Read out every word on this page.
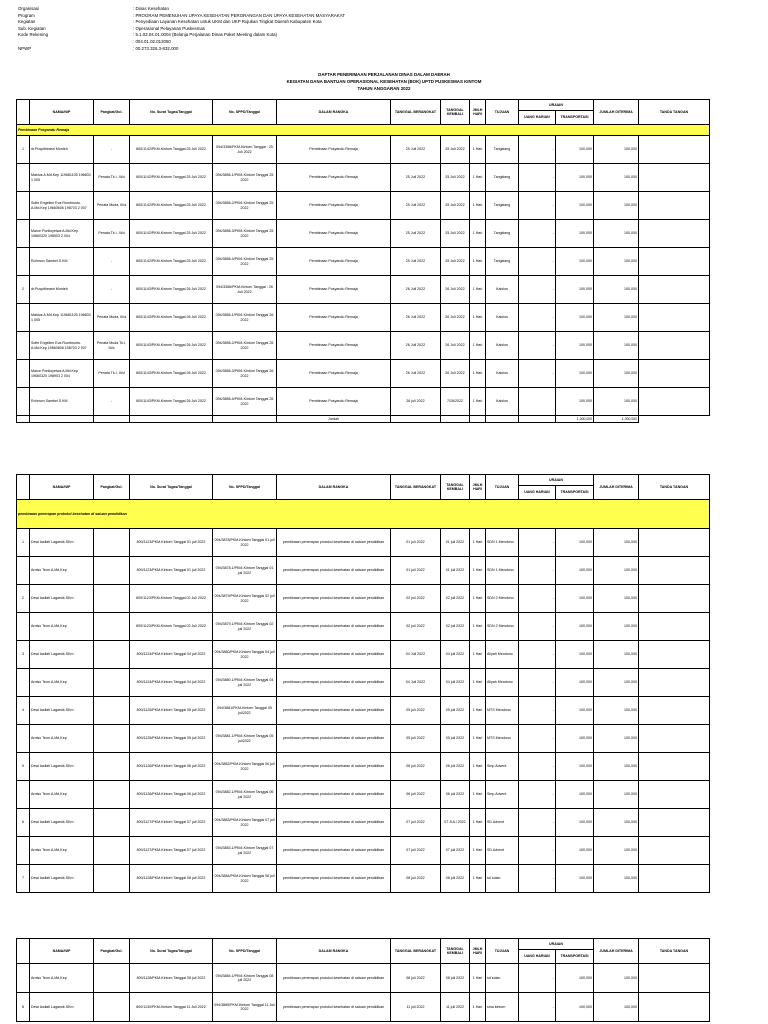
Organisasi	: Dinas Kesehatan
Program	: PROGRAM PEMENUHAN UPAYA KESEHATAN PERORANGAN DAN UPAYA KESEHATAN MASYARAKAT
Kegiatan	: Penyediaan Layanan Kesehatan untuk UKM dan UKP Rujukan Tingkat Daerah Kabupaten Kota
Sub. Kegiatan	: Operasional Pelayanan Puskesmas
Kode Rekening	: 5.1.02.04.01.0004 (Belanja Perjalanan Dinas Paket Meeting dalam Kota)
: 004.01.02.012050
NPWP	: 00.273.326.3-832.000
DAFTAR PENERIMAAN PERJALANAN DINAS DALAM DAERAH
KEGIATAN DANA BANTUAN OPERASIONAL KESEHATAN (BOK) UPTD PUSKESMAS KINTOM
TAHUN ANGGARAN 2022
	NAMA/NIP	Pangkat/Gol.	No. Surat Tugas/Tanggal	No. SPPD/Tanggal	DALAM RANGKA	TANGGAL BERANGKAT	TANGGAL KEMBALI	JMLH HARI	TUJUAN	URAIAN		JUMLAH DITERIMA	TANDA TANGAN
										UANG HARIAN	TRANSPORTASI		
Pembinaan Posyandu Remaja													
1	dr.Puspitheasri Monteh	-	800/1142/PKM-Kintom Tanggal 25 Juli 2022	094/3366/PKM-Kintom Tanggal : 25 Juli 2022	Pembinaan Posyandu Remaja	25 Juli 2022	25 Juli 2022	1 Hari	Tangkiang	-	100,000	100,000	
	Mahlus A.Md.Kep 119681105 196603 1 005	Penata Tk.I, III/d	800/1142/PKM-Kintom Tanggal 25 Juli 2022	094/3856.1/PKM-Kintom Tanggal 25 2022	Pembinaan Posyandu Remaja	25 Juli 2022	25 Juli 2022	1 Hari	Tangkiang	-	100,000	100,000	
	Sofie Engelien Eva Rumbruntu. A.Md.Kep 19660606 198703 2 007	Penata Muda, III/a	800/1142/PKM-Kintom Tanggal 25 Juli 2022	094/3856.2/PKM-Kintom Tanggal 25 2022	Pembinaan Posyandu Remaja	25 Juli 2022	25 Juli 2022	1 Hari	Tangkiang	-	100,000	100,000	
	Marce Pontloyeiwa A.Md.Kep 19660320 198903 2 004	Penata Tk.I, III/d	800/1142/PKM-Kintom Tanggal 25 Juli 2022	094/3856.3/PKM-Kintom Tanggal 25 2022	Pembinaan Posyandu Remaja	25 Juli 2022	25 Juli 2022	1 Hari	Tangkiang	-	100,000	100,000	
	Rohmon Sambel.S.KM	-	800/1142/PKM-Kintom Tanggal 25 Juli 2022	094/3856.4/PKM-Kintom Tanggal 25 2022	Pembinaan Posyandu Remaja	25 Juli 2022	25 Juli 2022	1 Hari	Tangkiang	-	100,000	100,000	
2	dr.Puspitheasri Monteh	-	800/1143/PKM-Kintom Tanggal 26 Juli 2022	094/3366/PKM-Kintom Tanggal : 26 Juli 2022	Pembinaan Posyandu Remaja	26 Juli 2022	26 Juli 2022	1 Hari	Kalolos	-	100,000	100,000	
	Mahlus A.Md.Kep 119681105 196603 1 005	Penata Muda, III/a	800/1143/PKM-Kintom Tanggal 26 Juli 2022	094/3856.1/PKM-Kintom Tanggal 26 2022	Pembinaan Posyandu Remaja	26 Juli 2022	26 Juli 2022	1 Hari	Kalolos	-	100,000	100,000	
	Sofie Engelien Eva Rumbruntu. A.Md.Kep 19660606 198703 2 007	Penata Muda Tk.I, III/a	800/1143/PKM-Kintom Tanggal 26 Juli 2022	094/3856.2/PKM-Kintom Tanggal 26 2022	Pembinaan Posyandu Remaja	26 Juli 2022	26 Juli 2022	1 Hari	Kalolos	-	100,000	100,000	
	Marce Pontloyeiwa A.Md.Kep 19660320 198903 2 004	Penata Tk.I, III/d	800/1143/PKM-Kintom Tanggal 26 Juli 2022	094/3856.3/PKM-Kintom Tanggal 26 2022	Pembinaan Posyandu Remaja	26 Juli 2022	26 Juli 2022	1 Hari	Kalolos	-	100,000	100,000	
	Rohmon Sambel.S.KM	-	800/1143/PKM-Kintom Tanggal 26 Juli 2022	094/3856.4/PKM-Kintom Tanggal 26 2022	Pembinaan Posyandu Remaja	26 juli 2022	7/26/2022	1 Hari	Kalolos		100,000	100,000	
					Jumlah						1,000,000	1,000,000	
	NAMA/NIP	Pangkat/Gol.	No. Surat Tugas/Tanggal	No. SPPD/Tanggal	DALAM RANGKA	TANGGAL BERANGKAT	TANGGAL KEMBALI	JMLH HARI	TUJUAN	URAIAN		JUMLAH DITERIMA	TANDA TANGAN
										UANG HARIAN	TRANSPORTASI		
pembinaan penerapan protokol kesehatan di satuan pendidikan													
1	Dewi Awilati Lagarsik.SKm		800/1123/PKM-Kintom Tanggal 01 juli 2022	094/3878/PKM-Kintom Tanggal 01 juli 2022	pembinaan penerapan protokol kesehatan di satuan pendidikan	01 juli 2022	01 juli 2022	1 Hari	SDN 1 Mendono	-	100,000	100,000	
	Arniso Teon.A.Md.Kep		800/1123/PKM-Kintom Tanggal 01 juli 2022	094/3878.1/PKM-Kintom Tanggal 01 juli 2022	pembinaan penerapan protokol kesehatan di satuan pendidikan	01 juli 2022	01 juli 2022	1 Hari	SDN 1 Mendono	-	100,000	100,000	
2	Dewi Awilati Lagarsik.SKm		800/1123/PKM-Kintom Tanggal 02 Juli 2022	094/3879/PKM-Kintom Tanggal 02 juli 2022	pembinaan penerapan protokol kesehatan di satuan pendidikan	02 juli 2022	02 juli 2022	1 Hari	SDN 2 Mendono	-	100,000	100,000	
	Arniso Teon.A.Md.Kep		800/1123/PKM-Kintom Tanggal 02 Juli 2022	094/3879.1/PKM-Kintom Tanggal 02 juli 2022	pembinaan penerapan protokol kesehatan di satuan pendidikan	02 juli 2022	02 juli 2022	1 Hari	SDN 2 Mendono	-	100,000	100,000	
3	Dewi Awilati Lagarsik.SKm		800/1124/PKM-Kintom Tanggal 04 juli 2022	094/3880/PKM-Kintom Tanggal 04 juli 2022	pembinaan penerapan protokol kesehatan di satuan pendidikan	04 Juli 2022	04 juli 2022	1 Hari	Aliyah Mendono	-	100,000	100,000	
	Arniso Teon.A.Md.Kep		800/1124/PKM-Kintom Tanggal 04 juli 2022	094/3880.1/PKM-Kintom Tanggal 04 juli 2022	pembinaan penerapan protokol kesehatan di satuan pendidikan	04 Juli 2022	04 juli 2022	1 Hari	Aliyah Mendono	-	100,000	100,000	
4	Dewi Awilati Lagarsik.SKm		800/1125/PKM-Kintom Tanggal 05 juli 2022	094/3881/PKM-Kintom Tanggal 05 juli2022	pembinaan penerapan protokol kesehatan di satuan pendidikan	05 juli 2022	05 juli 2022	1 Hari	MTS Mendono	-	100,000	100,000	
	Arniso Teon.A.Md.Kep		800/1125/PKM-Kintom Tanggal 05 juli 2022	094/3881.1/PKM-Kintom Tanggal 05 juli2022	pembinaan penerapan protokol kesehatan di satuan pendidikan	05 juli 2022	05 juli 2022	1 Hari	MTS Mendono	-	100,000	100,000	
5	Dewi Awilati Lagarsik.SKm		800/1126/PKM-Kintom Tanggal 06 juli 2022	094/3882/PKM-Kintom Tanggal 06 juli 2022	pembinaan penerapan protokol kesehatan di satuan pendidikan	06 juli 2022	06 juli 2022	1 Hari	Smp Advent	-	100,000	100,000	
	Arniso Teon.A.Md.Kep		800/1126/PKM-Kintom Tanggal 06 juli 2022	094/3882.1/PKM-Kintom Tanggal 06 juli 2022	pembinaan penerapan protokol kesehatan di satuan pendidikan	06 juli 2022	06 juli 2022	1 Hari	Smp Advent	-	100,000	100,000	
6	Dewi Awilati Lagarsik.SKm		800/1127/PKM-Kintom Tanggal 07 juli 2022	094/3883/PKM-Kintom Tanggal 07 juli 2022	pembinaan penerapan protokol kesehatan di satuan pendidikan	07 juli 2022	07 JULI 2022	1 Hari	SD Advent	-	100,000	100,000	
	Arniso Teon.A.Md.Kep		800/1127/PKM-Kintom Tanggal 07 juli 2022	094/3883.1/PKM-Kintom Tanggal 07 juli 2022	pembinaan penerapan protokol kesehatan di satuan pendidikan	07 juli 2022	07 juli 2022	1 Hari	SD Advent	-	100,000	100,000	
7	Dewi Awilati Lagarsik.SKm		800/1128/PKM-Kintom Tanggal 08 juli 2022	094/3884/PKM-Kintom Tanggal 08 juli 2022	pembinaan penerapan protokol kesehatan di satuan pendidikan	08 juli 2022	08 juli 2022	1 Hari	sd solan	-	100,000	100,000	
	NAMA/NIP	Pangkat/Gol.	No. Surat Tugas/Tanggal	No. SPPD/Tanggal	DALAM RANGKA	TANGGAL BERANGKAT	TANGGAL KEMBALI	JMLH HARI	TUJUAN	URAIAN		JUMLAH DITERIMA	TANDA TANGAN
										UANG HARIAN	TRANSPORTASI		
	Arniso Teon.A.Md.Kep		800/1128/PKM-Kintom Tanggal 08 juli 2022	094/3884.1/PKM-Kintom Tanggal 08 juli 2022	pembinaan penerapan protokol kesehatan di satuan pendidikan	08 juli 2022	08 juli 2022	1 Hari	sd solan	-	100,000	100,000	
8	Dewi Awilati Lagarsik.SKm		800/1130/PKM-Kintom Tanggal 11 Juli 2022	094/3885/PKM-Kintom Tanggal 11 Juli 2022	pembinaan penerapan protokol kesehatan di satuan pendidikan	11 juli 2022	11 juli 2022	1 Hari	sma kintom	-	100,000	100,000	
